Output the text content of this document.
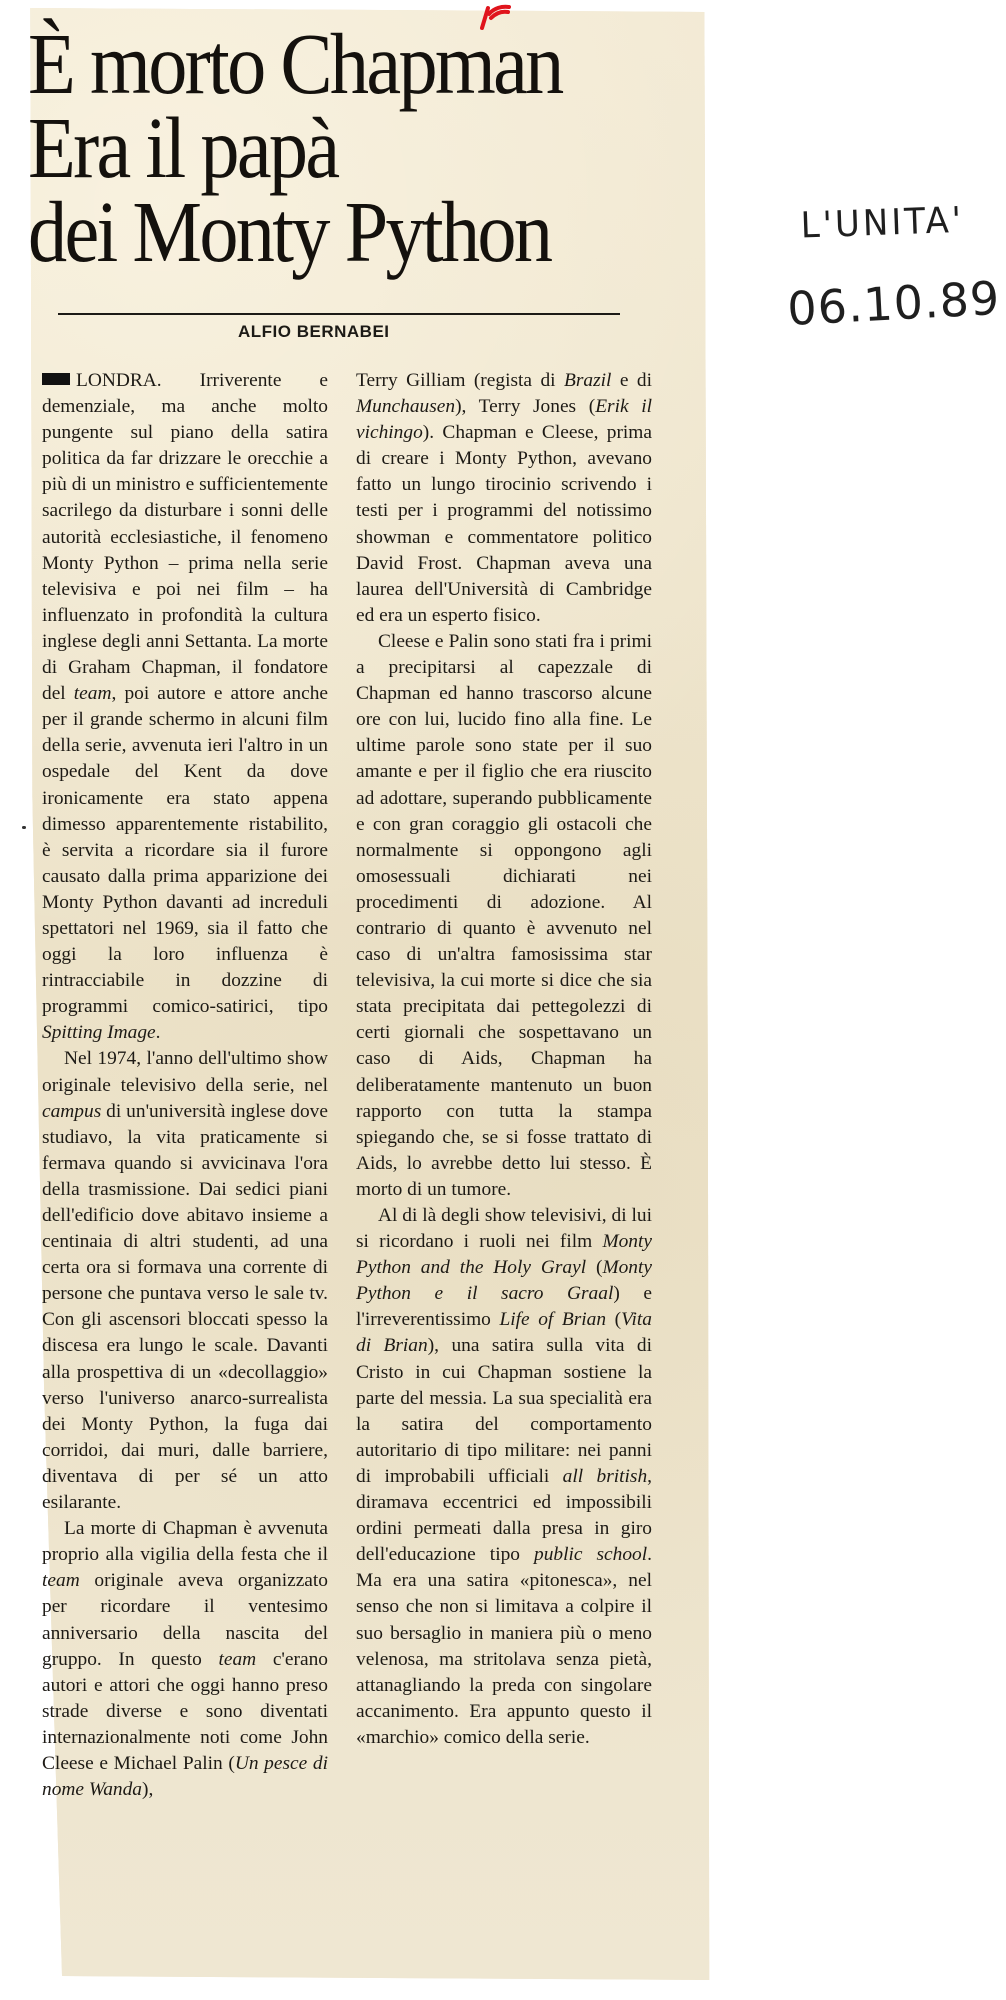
È morto Chapman
Era il papà
dei Monty Python
ALFIO BERNABEI

LONDRA. Irriverente e demenziale, ma anche molto pungente sul piano della satira politica da far drizzare le orecchie a più di un ministro e sufficientemente sacrilego da disturbare i sonni delle autorità ecclesiastiche, il fenomeno Monty Python – prima nella serie televisiva e poi nei film – ha influenzato in profondità la cultura inglese degli anni Settanta. La morte di Graham Chapman, il fondatore del team, poi autore e attore anche per il grande schermo in alcuni film della serie, avvenuta ieri l'altro in un ospedale del Kent da dove ironicamente era stato appena dimesso apparentemente ristabilito, è servita a ricordare sia il furore causato dalla prima apparizione dei Monty Python davanti ad increduli spettatori nel 1969, sia il fatto che oggi la loro influenza è rintracciabile in dozzine di programmi comico-satirici, tipo Spitting Image.

Nel 1974, l'anno dell'ultimo show originale televisivo della serie, nel campus di un'università inglese dove studiavo, la vita praticamente si fermava quando si avvicinava l'ora della trasmissione. Dai sedici piani dell'edificio dove abitavo insieme a centinaia di altri studenti, ad una certa ora si formava una corrente di persone che puntava verso le sale tv. Con gli ascensori bloccati spesso la discesa era lungo le scale. Davanti alla prospettiva di un «decollaggio» verso l'universo anarco-surrealista dei Monty Python, la fuga dai corridoi, dai muri, dalle barriere, diventava di per sé un atto esilarante.

La morte di Chapman è avvenuta proprio alla vigilia della festa che il team originale aveva organizzato per ricordare il ventesimo anniversario della nascita del gruppo. In questo team c'erano autori e attori che oggi hanno preso strade diverse e sono diventati internazionalmente noti come John Cleese e Michael Palin (Un pesce di nome Wanda),

Terry Gilliam (regista di Brazil e di Munchausen), Terry Jones (Erik il vichingo). Chapman e Cleese, prima di creare i Monty Python, avevano fatto un lungo tirocinio scrivendo i testi per i programmi del notissimo showman e commentatore politico David Frost. Chapman aveva una laurea dell'Università di Cambridge ed era un esperto fisico.

Cleese e Palin sono stati fra i primi a precipitarsi al capezzale di Chapman ed hanno trascorso alcune ore con lui, lucido fino alla fine. Le ultime parole sono state per il suo amante e per il figlio che era riuscito ad adottare, superando pubblicamente e con gran coraggio gli ostacoli che normalmente si oppongono agli omosessuali dichiarati nei procedimenti di adozione. Al contrario di quanto è avvenuto nel caso di un'altra famosissima star televisiva, la cui morte si dice che sia stata precipitata dai pettegolezzi di certi giornali che sospettavano un caso di Aids, Chapman ha deliberatamente mantenuto un buon rapporto con tutta la stampa spiegando che, se si fosse trattato di Aids, lo avrebbe detto lui stesso. È morto di un tumore.

Al di là degli show televisivi, di lui si ricordano i ruoli nei film Monty Python and the Holy Grayl (Monty Python e il sacro Graal) e l'irreverentissimo Life of Brian (Vita di Brian), una satira sulla vita di Cristo in cui Chapman sostiene la parte del messia. La sua specialità era la satira del comportamento autoritario di tipo militare: nei panni di improbabili ufficiali all british, diramava eccentrici ed impossibili ordini permeati dalla presa in giro dell'educazione tipo public school. Ma era una satira «pitonesca», nel senso che non si limitava a colpire il suo bersaglio in maniera più o meno velenosa, ma stritolava senza pietà, attanagliando la preda con singolare accanimento. Era appunto questo il «marchio» comico della serie.

L'UNITA'
06.10.89
